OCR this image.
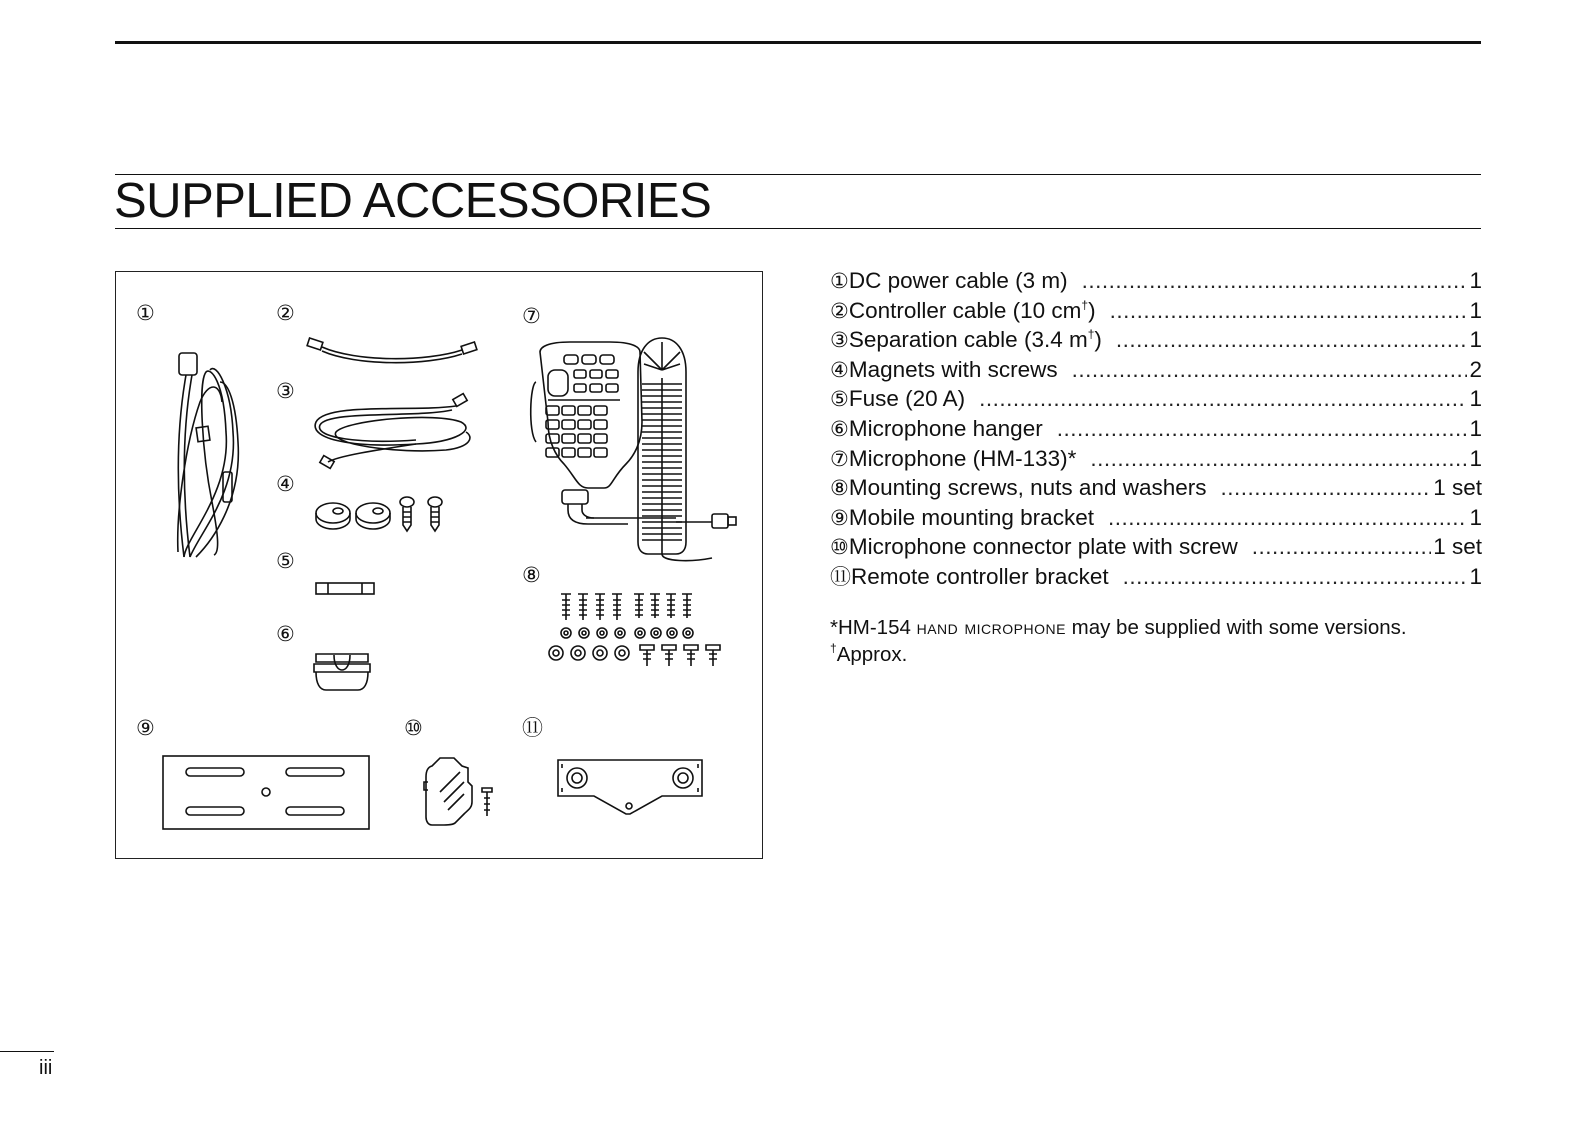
SUPPLIED ACCESSORIES
①	②
③
④
⑤
⑥
⑦
⑧
⑨	⑩	⑪
① DC power cable (3 m) .....	1
② Controller cable (10 cm†) .....	1
③ Separation cable (3.4 m†) .....	1
④ Magnets with screws .....	2
⑤ Fuse (20 A) .....	1
⑥ Microphone hanger .....	1
⑦ Microphone (HM-133)* .....	1
⑧ Mounting screws, nuts and washers .....	1 set
⑨ Mobile mounting bracket .....	1
⑩ Microphone connector plate with screw .....	1 set
⑪ Remote controller bracket .....	1
*HM-154 hand microphone may be supplied with some versions.
†Approx.
iii
